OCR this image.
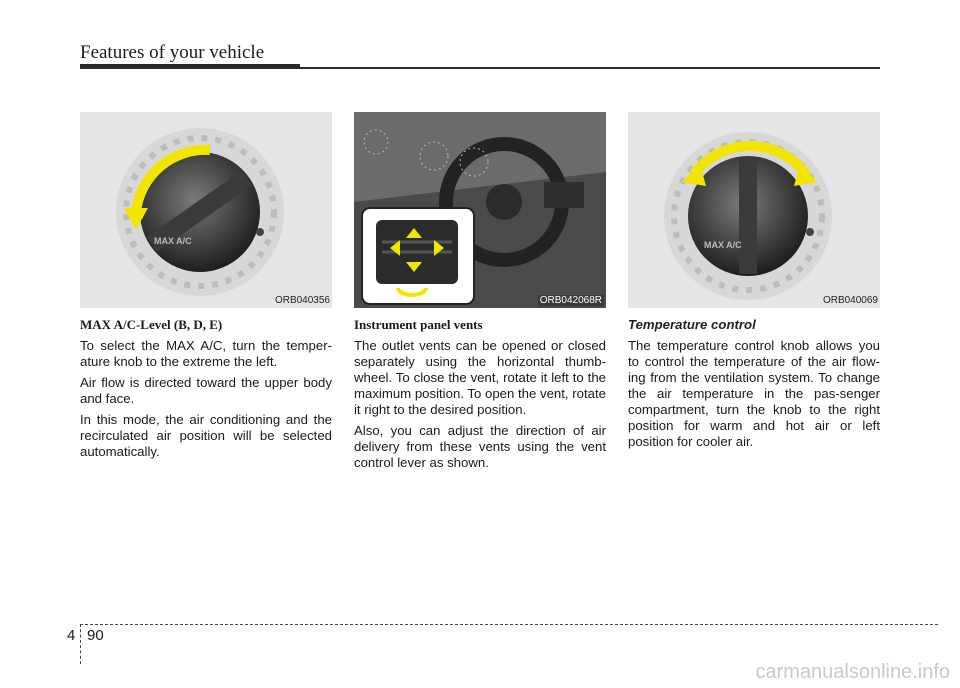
Features of your vehicle
MAX A/C
ORB040356	ORB042068R
MAX A/C
ORB040069

MAX A/C-Level (B, D, E)

To select the MAX A/C, turn the temper-ature knob to the extreme the left.

Air flow is directed toward the upper body and face.

In this mode, the air conditioning and the recirculated air position will be selected automatically.

Instrument panel vents

The outlet vents can be opened or closed separately using the horizontal thumb-wheel. To close the vent, rotate it left to the maximum position. To open the vent, rotate it right to the desired position.

Also, you can adjust the direction of air delivery from these vents using the vent control lever as shown.

Temperature control

The temperature control knob allows you to control the temperature of the air flow-ing from the ventilation system. To change the air temperature in the pas-senger compartment, turn the knob to the right position for warm and hot air or left position for cooler air.

4 90
carmanualsonline.info
